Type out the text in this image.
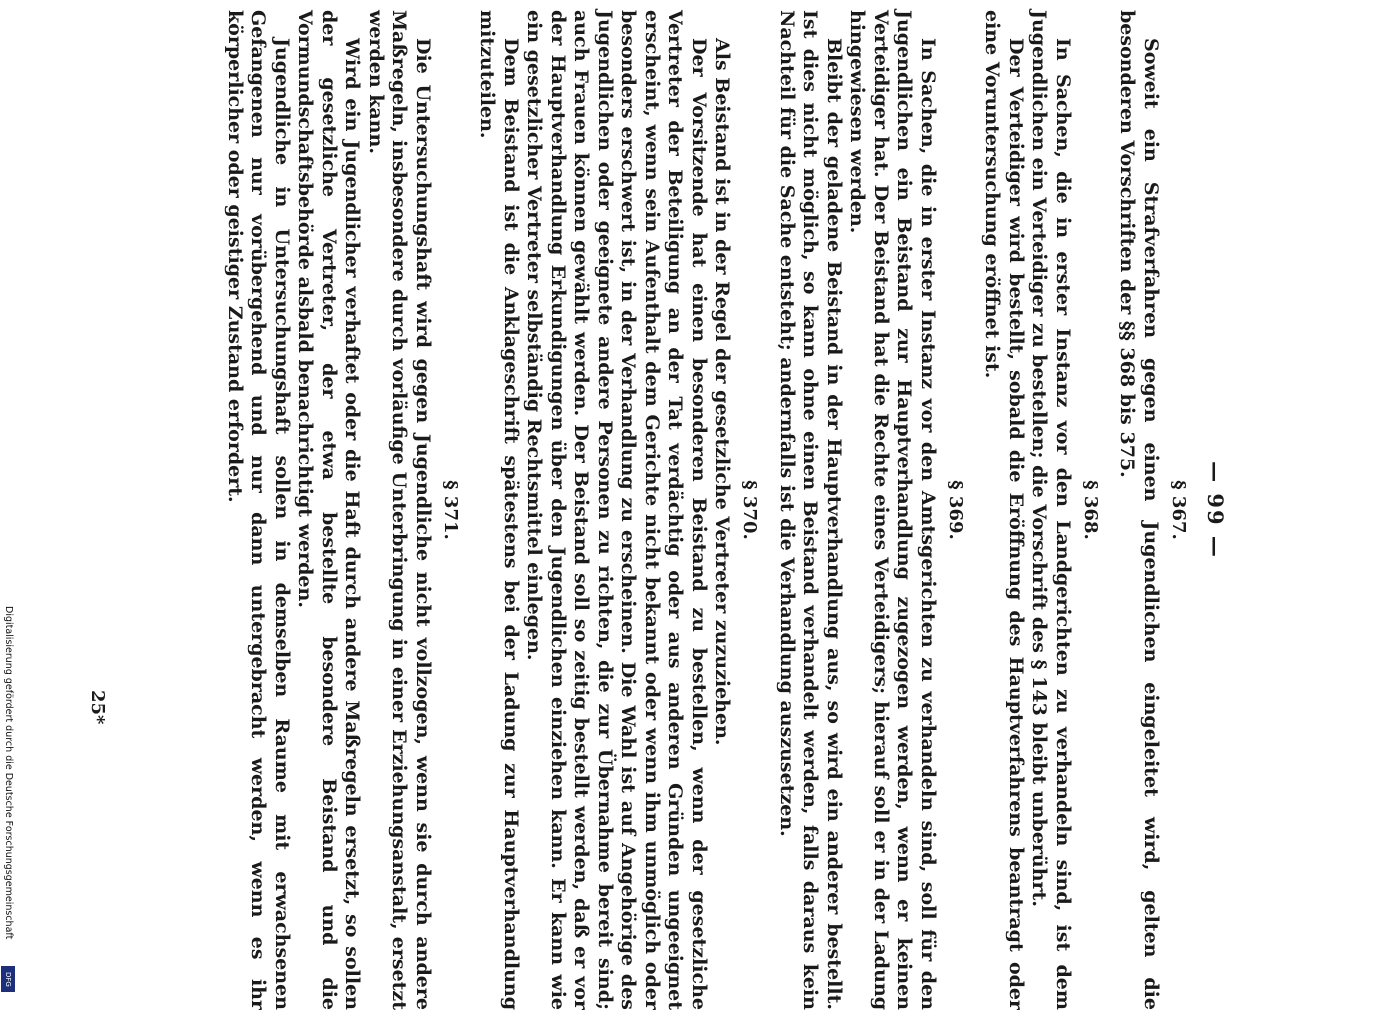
— 99 —
§ 367.

Soweit ein Strafverfahren gegen einen Jugendlichen eingeleitet wird, gelten die besonderen Vorschriften der §§ 368 bis 375.

§ 368.

In Sachen, die in erster Instanz vor den Landgerichten zu verhandeln sind, ist dem Jugendlichen ein Verteidiger zu bestellen; die Vorschrift des § 143 bleibt unberührt.

Der Verteidiger wird bestellt, sobald die Eröffnung des Hauptverfahrens beantragt oder eine Voruntersuchung eröffnet ist.

§ 369.

In Sachen, die in erster Instanz vor den Amtsgerichten zu verhandeln sind, soll für den Jugendlichen ein Beistand zur Hauptverhandlung zugezogen werden, wenn er keinen Verteidiger hat. Der Beistand hat die Rechte eines Verteidigers; hierauf soll er in der Ladung hingewiesen werden.

Bleibt der geladene Beistand in der Hauptverhandlung aus, so wird ein anderer bestellt. Ist dies nicht möglich, so kann ohne einen Beistand verhandelt werden, falls daraus kein Nachteil für die Sache entsteht; andernfalls ist die Verhandlung auszusetzen.

§ 370.

Als Beistand ist in der Regel der gesetzliche Vertreter zuzuziehen.

Der Vorsitzende hat einen besonderen Beistand zu bestellen, wenn der gesetzliche Vertreter der Beteiligung an der Tat verdächtig oder aus anderen Gründen ungeeignet erscheint, wenn sein Aufenthalt dem Gerichte nicht bekannt oder wenn ihm unmöglich oder besonders erschwert ist, in der Verhandlung zu erscheinen. Die Wahl ist auf Angehörige des Jugendlichen oder geeignete andere Personen zu richten, die zur Übernahme bereit sind; auch Frauen können gewählt werden. Der Beistand soll so zeitig bestellt werden, daß er vor der Hauptverhandlung Erkundigungen über den Jugendlichen einziehen kann. Er kann wie ein gesetzlicher Vertreter selbständig Rechtsmittel einlegen.

Dem Beistand ist die Anklageschrift spätestens bei der Ladung zur Hauptverhandlung mitzuteilen.

§ 371.

Die Untersuchungshaft wird gegen Jugendliche nicht vollzogen, wenn sie durch andere Maßregeln, insbesondere durch vorläufige Unterbringung in einer Erziehungsanstalt, ersetzt werden kann.

Wird ein Jugendlicher verhaftet oder die Haft durch andere Maßregeln ersetzt, so sollen der gesetzliche Vertreter, der etwa bestellte besondere Beistand und die Vormundschaftsbehörde alsbald benachrichtigt werden.

Jugendliche in Untersuchungshaft sollen in demselben Raume mit erwachsenen Gefangenen nur vorübergehend und nur dann untergebracht werden, wenn es ihr körperlicher oder geistiger Zustand erfordert.

25*
Digitalisierung gefördert durch die Deutsche Forschungsgemeinschaft
DFG
